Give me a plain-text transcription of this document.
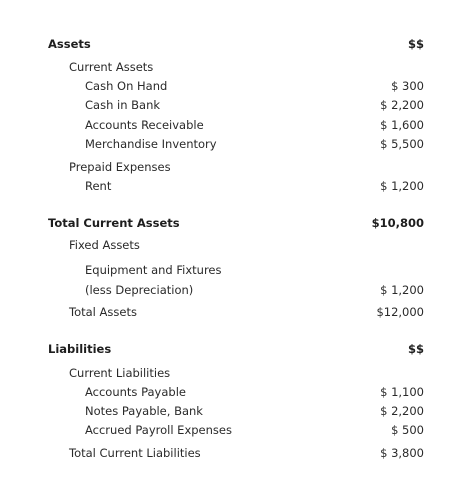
Assets	$$
Current Assets
Cash On Hand	$ 300
Cash in Bank	$ 2,200
Accounts Receivable	$ 1,600
Merchandise Inventory	$ 5,500
Prepaid Expenses
Rent	$ 1,200
Total Current Assets	$10,800
Fixed Assets
Equipment and Fixtures
(less Depreciation)	$ 1,200
Total Assets	$12,000
Liabilities	$$
Current Liabilities
Accounts Payable	$ 1,100
Notes Payable, Bank	$ 2,200
Accrued Payroll Expenses	$ 500
Total Current Liabilities	$ 3,800
